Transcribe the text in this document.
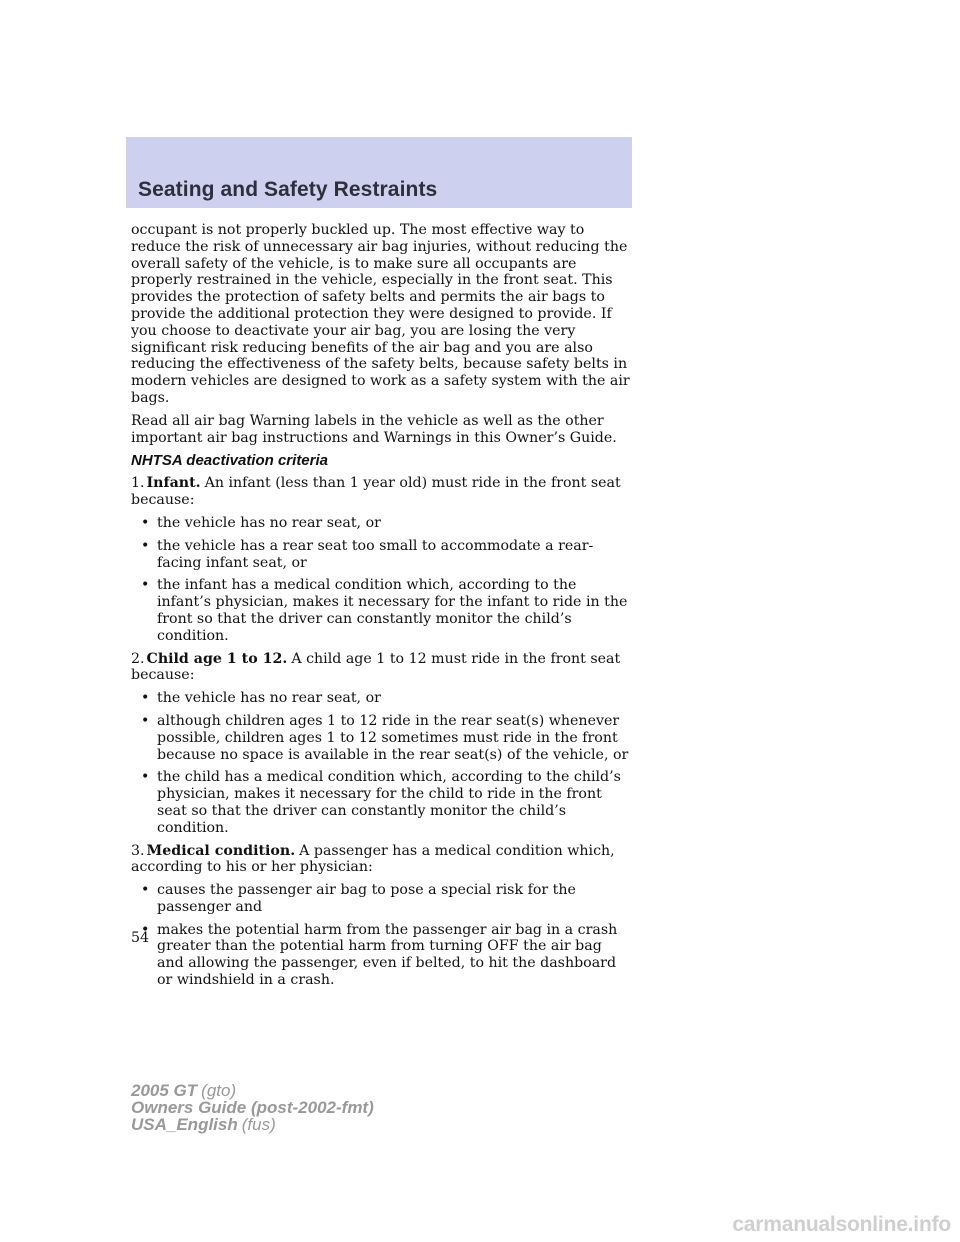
Seating and Safety Restraints

occupant is not properly buckled up. The most effective way to reduce the risk of unnecessary air bag injuries, without reducing the overall safety of the vehicle, is to make sure all occupants are properly restrained in the vehicle, especially in the front seat. This provides the protection of safety belts and permits the air bags to provide the additional protection they were designed to provide. If you choose to deactivate your air bag, you are losing the very significant risk reducing benefits of the air bag and you are also reducing the effectiveness of the safety belts, because safety belts in modern vehicles are designed to work as a safety system with the air bags.

Read all air bag Warning labels in the vehicle as well as the other important air bag instructions and Warnings in this Owner’s Guide.

NHTSA deactivation criteria

1. Infant. An infant (less than 1 year old) must ride in the front seat because:

• the vehicle has no rear seat, or
• the vehicle has a rear seat too small to accommodate a rear-facing infant seat, or
• the infant has a medical condition which, according to the infant’s physician, makes it necessary for the infant to ride in the front so that the driver can constantly monitor the child’s condition.

2. Child age 1 to 12. A child age 1 to 12 must ride in the front seat because:

• the vehicle has no rear seat, or
• although children ages 1 to 12 ride in the rear seat(s) whenever possible, children ages 1 to 12 sometimes must ride in the front because no space is available in the rear seat(s) of the vehicle, or
• the child has a medical condition which, according to the child’s physician, makes it necessary for the child to ride in the front seat so that the driver can constantly monitor the child’s condition.

3. Medical condition. A passenger has a medical condition which, according to his or her physician:

• causes the passenger air bag to pose a special risk for the passenger and
• makes the potential harm from the passenger air bag in a crash greater than the potential harm from turning OFF the air bag and allowing the passenger, even if belted, to hit the dashboard or windshield in a crash.
54
2005 GT (gto)
Owners Guide (post-2002-fmt)
USA_English (fus)
carmanualsonline.info
